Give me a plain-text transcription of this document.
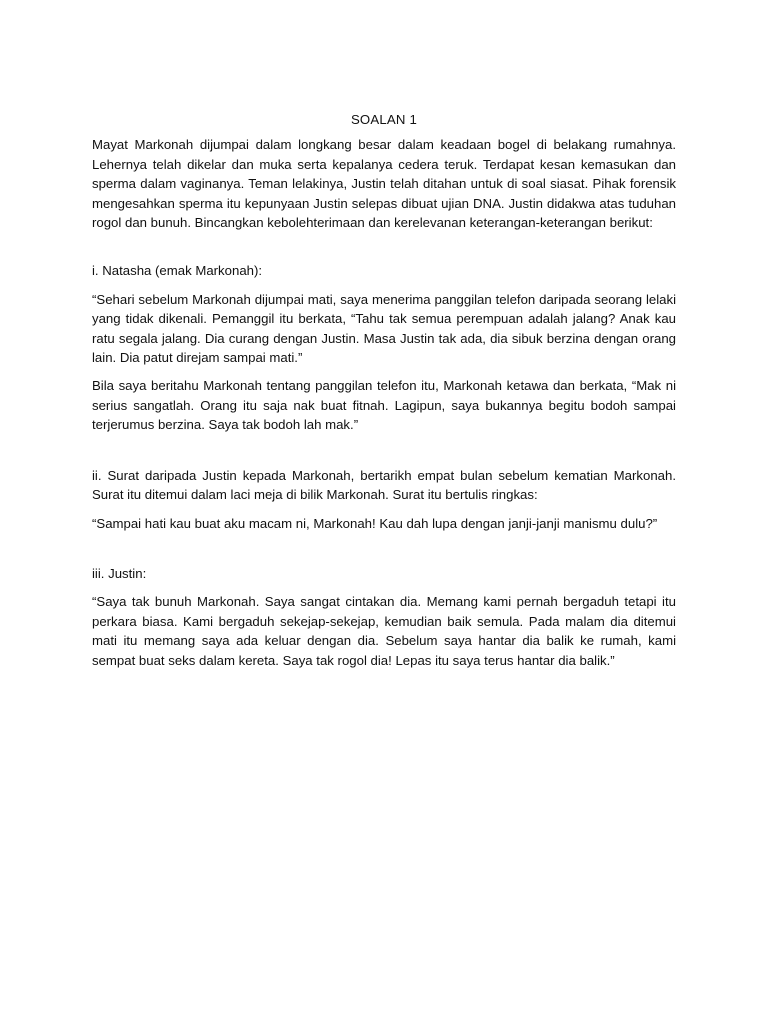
SOALAN 1

Mayat Markonah dijumpai dalam longkang besar dalam keadaan bogel di belakang rumahnya. Lehernya telah dikelar dan muka serta kepalanya cedera teruk. Terdapat kesan kemasukan dan sperma dalam vaginanya. Teman lelakinya, Justin telah ditahan untuk di soal siasat. Pihak forensik mengesahkan sperma itu kepunyaan Justin selepas dibuat ujian DNA. Justin didakwa atas tuduhan rogol dan bunuh. Bincangkan kebolehterimaan dan kerelevanan keterangan-keterangan berikut:

i. Natasha (emak Markonah):

“Sehari sebelum Markonah dijumpai mati, saya menerima panggilan telefon daripada seorang lelaki yang tidak dikenali. Pemanggil itu berkata, “Tahu tak semua perempuan adalah jalang? Anak kau ratu segala jalang. Dia curang dengan Justin. Masa Justin tak ada, dia sibuk berzina dengan orang lain. Dia patut direjam sampai mati.”

Bila saya beritahu Markonah tentang panggilan telefon itu, Markonah ketawa dan berkata, “Mak ni serius sangatlah. Orang itu saja nak buat fitnah. Lagipun, saya bukannya begitu bodoh sampai terjerumus berzina. Saya tak bodoh lah mak.”

ii. Surat daripada Justin kepada Markonah, bertarikh empat bulan sebelum kematian Markonah. Surat itu ditemui dalam laci meja di bilik Markonah. Surat itu bertulis ringkas:

“Sampai hati kau buat aku macam ni, Markonah! Kau dah lupa dengan janji-janji manismu dulu?”

iii. Justin:

“Saya tak bunuh Markonah. Saya sangat cintakan dia. Memang kami pernah bergaduh tetapi itu perkara biasa. Kami bergaduh sekejap-sekejap, kemudian baik semula. Pada malam dia ditemui mati itu memang saya ada keluar dengan dia. Sebelum saya hantar dia balik ke rumah, kami sempat buat seks dalam kereta. Saya tak rogol dia! Lepas itu saya terus hantar dia balik.”
